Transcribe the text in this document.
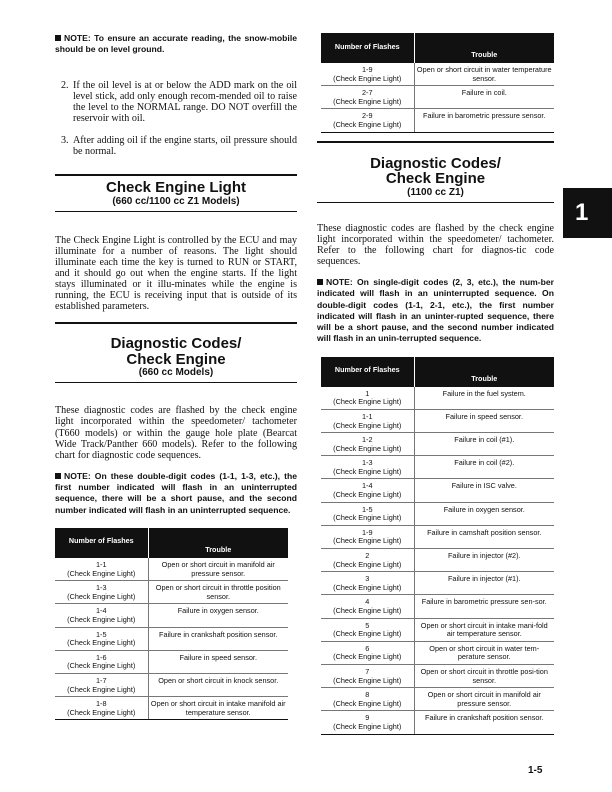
NOTE: To ensure an accurate reading, the snow-mobile should be on level ground.

2. If the oil level is at or below the ADD mark on the oil level stick, add only enough recom-mended oil to raise the level to the NORMAL range. DO NOT overfill the reservoir with oil.
3. After adding oil if the engine starts, oil pressure should be normal.
Check Engine Light
(660 cc/1100 cc Z1 Models)

The Check Engine Light is controlled by the ECU and may illuminate for a number of reasons. The light should illuminate each time the key is turned to RUN or START, and it should go out when the engine starts. If the light stays illuminated or it illu-minates while the engine is running, the ECU is receiving input that is outside of its established parameters.

Diagnostic Codes/
Check Engine
(660 cc Models)

These diagnostic codes are flashed by the check engine light incorporated within the speedometer/ tachometer (T660 models) or within the gauge hole plate (Bearcat Wide Track/Panther 660 models). Refer to the following chart for diagnostic code sequences.

NOTE: On these double-digit codes (1-1, 1-3, etc.), the first number indicated will flash in an uninterrupted sequence, there will be a short pause, and the second number indicated will flash in an uninterrupted sequence.

Number of Flashes	Trouble

1-1
(Check Engine Light)	Open or short circuit in manifold air pressure sensor.

1-3
(Check Engine Light)	Open or short circuit in throttle position sensor.

1-4
(Check Engine Light)	Failure in oxygen sensor.

1-5
(Check Engine Light)	Failure in crankshaft position sensor.

1-6
(Check Engine Light)	Failure in speed sensor.

1-7
(Check Engine Light)	Open or short circuit in knock sensor.

1-8
(Check Engine Light)	Open or short circuit in intake manifold air temperature sensor.
Number of Flashes	Trouble

1-9
(Check Engine Light)	Open or short circuit in water temperature sensor.

2-7
(Check Engine Light)	Failure in coil.

2-9
(Check Engine Light)	Failure in barometric pressure sensor.
Diagnostic Codes/
Check Engine
(1100 cc Z1)

These diagnostic codes are flashed by the check engine light incorporated within the speedometer/ tachometer. Refer to the following chart for diagnos-tic code sequences.

NOTE: On single-digit codes (2, 3, etc.), the num-ber indicated will flash in an uninterrupted sequence. On double-digit codes (1-1, 2-1, etc.), the first number indicated will flash in an uninter-rupted sequence, there will be a short pause, and the second number indicated will flash in an unin-terrupted sequence.

Number of Flashes	Trouble

1
(Check Engine Light)	Failure in the fuel system.

1-1
(Check Engine Light)	Failure in speed sensor.

1-2
(Check Engine Light)	Failure in coil (#1).

1-3
(Check Engine Light)	Failure in coil (#2).

1-4
(Check Engine Light)	Failure in ISC valve.

1-5
(Check Engine Light)	Failure in oxygen sensor.

1-9
(Check Engine Light)	Failure in camshaft position sensor.

2
(Check Engine Light)	Failure in injector (#2).

3
(Check Engine Light)	Failure in injector (#1).

4
(Check Engine Light)	Failure in barometric pressure sen-sor.

5
(Check Engine Light)	Open or short circuit in intake mani-fold air temperature sensor.

6
(Check Engine Light)	Open or short circuit in water tem-perature sensor.

7
(Check Engine Light)	Open or short circuit in throttle posi-tion sensor.

8
(Check Engine Light)	Open or short circuit in manifold air pressure sensor.

9
(Check Engine Light)	Failure in crankshaft position sensor.
1
1-5
